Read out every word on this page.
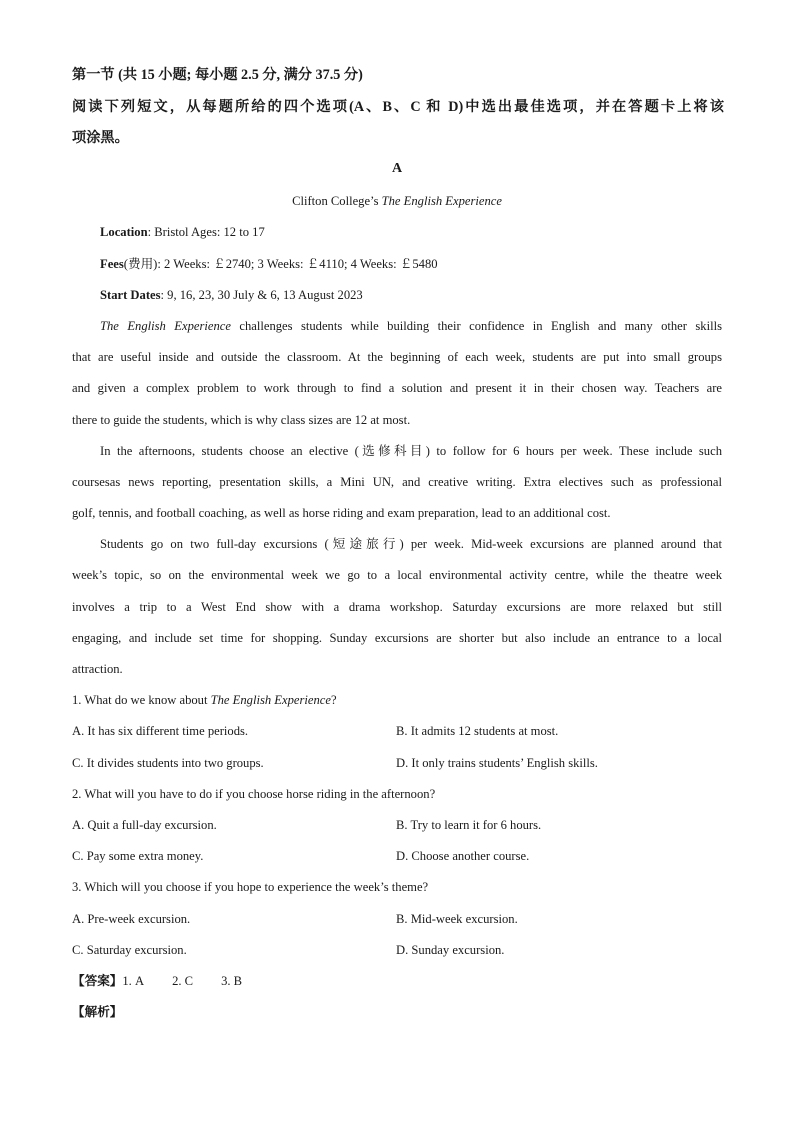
第一节 (共 15 小题; 每小题 2.5 分, 满分 37.5 分)
阅读下列短文，从每题所给的四个选项(A、B、C 和 D)中选出最佳选项，并在答题卡上将该
项涂黑。
A
Clifton College’s The English Experience
Location: Bristol Ages: 12 to 17
Fees(费用): 2 Weeks: ￡2740; 3 Weeks: ￡4110; 4 Weeks: ￡5480
Start Dates: 9, 16, 23, 30 July & 6, 13 August 2023
The English Experience challenges students while building their confidence in English and many other skills
that are useful inside and outside the classroom. At the beginning of each week, students are put into small groups
and given a complex problem to work through to find a solution and present it in their chosen way. Teachers are
there to guide the students, which is why class sizes are 12 at most.
In the afternoons, students choose an elective (选修科目) to follow for 6 hours per week. These include such
coursesas news reporting, presentation skills, a Mini UN, and creative writing. Extra electives such as professional
golf, tennis, and football coaching, as well as horse riding and exam preparation, lead to an additional cost.
Students go on two full-day excursions (短途旅行) per week. Mid-week excursions are planned around that
week’s topic, so on the environmental week we go to a local environmental activity centre, while the theatre week
involves a trip to a West End show with a drama workshop. Saturday excursions are more relaxed but still
engaging, and include set time for shopping. Sunday excursions are shorter but also include an entrance to a local
attraction.
1. What do we know about The English Experience?
A. It has six different time periods.	B. It admits 12 students at most.
C. It divides students into two groups.	D. It only trains students’ English skills.
2. What will you have to do if you choose horse riding in the afternoon?
A. Quit a full-day excursion.	B. Try to learn it for 6 hours.
C. Pay some extra money.	D. Choose another course.
3. Which will you choose if you hope to experience the week’s theme?
A. Pre-week excursion.	B. Mid-week excursion.
C. Saturday excursion.	D. Sunday excursion.
【答案】1. A 2. C 3. B
【解析】
